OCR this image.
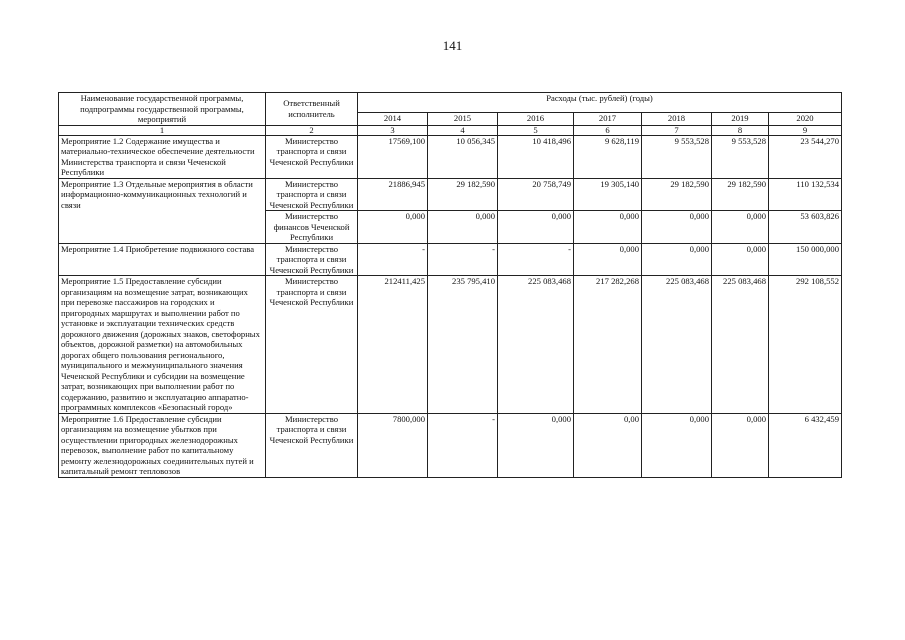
141
Наименование государственной программы, подпрограммы государственной программы, мероприятий	Ответственный исполнитель	Расходы (тыс. рублей) (годы)						
		2014	2015	2016	2017	2018	2019	2020
1	2	3	4	5	6	7	8	9
Мероприятие 1.2 Содержание имущества и материально-техническое обеспечение деятельности Министерства транспорта и связи Чеченской Республики	Министерство транспорта и связи Чеченской Республики	17569,100	10 056,345	10 418,496	9 628,119	9 553,528	9 553,528	23 544,270
Мероприятие 1.3 Отдельные мероприятия в области информационно-коммуникационных технологий и связи	Министерство транспорта и связи Чеченской Республики	21886,945	29 182,590	20 758,749	19 305,140	29 182,590	29 182,590	110 132,534
	Министерство финансов Чеченской Республики	0,000	0,000	0,000	0,000	0,000	0,000	53 603,826
Мероприятие 1.4 Приобретение подвижного состава	Министерство транспорта и связи Чеченской Республики	-	-	-	0,000	0,000	0,000	150 000,000
Мероприятие 1.5 Предоставление субсидии организациям на возмещение затрат, возникающих при перевозке пассажиров на городских и пригородных маршрутах и выполнении работ по установке и эксплуатации технических средств дорожного движения (дорожных знаков, светофорных объектов, дорожной разметки) на автомобильных дорогах общего пользования регионального, муниципального и межмуниципального значения Чеченской Республики и субсидии на возмещение затрат, возникающих при выполнении работ по содержанию, развитию и эксплуатацию аппаратно-программных комплексов «Безопасный город»	Министерство транспорта и связи Чеченской Республики	212411,425	235 795,410	225 083,468	217 282,268	225 083,468	225 083,468	292 108,552
Мероприятие 1.6 Предоставление субсидии организациям на возмещение убытков при осуществлении пригородных железнодорожных перевозок, выполнение работ по капитальному ремонту железнодорожных соединительных путей и капитальный ремонт тепловозов	Министерство транспорта и связи Чеченской Республики	7800,000	-	0,000	0,00	0,000	0,000	6 432,459
